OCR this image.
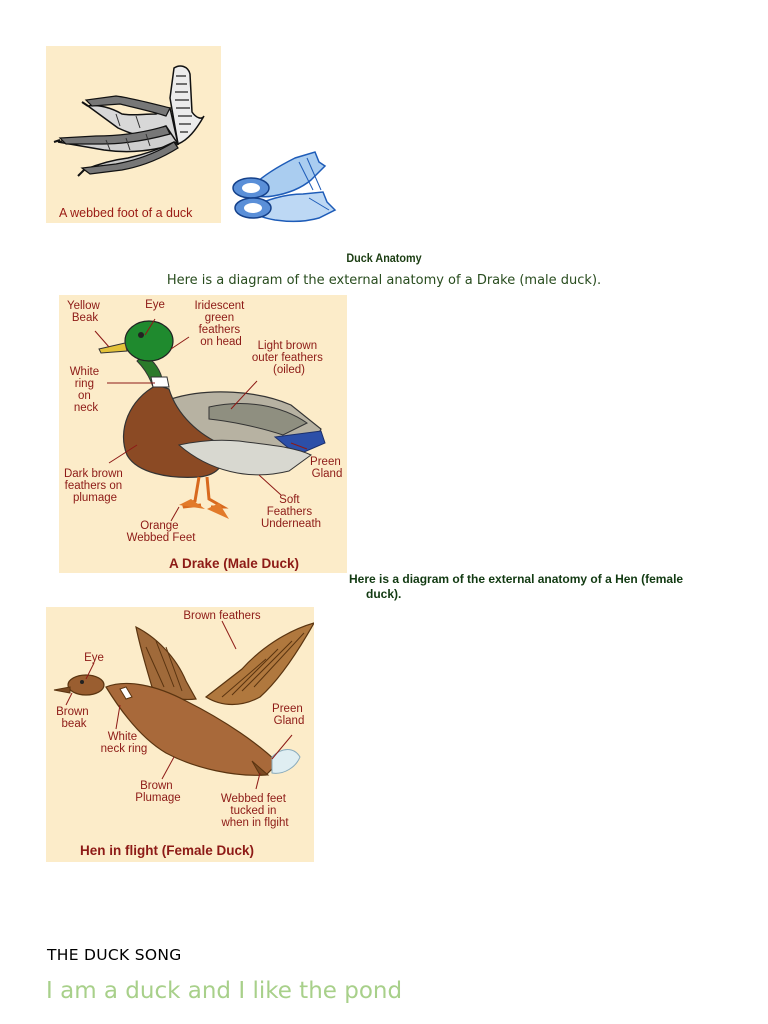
A webbed foot of a duck
Duck Anatomy
Here is a diagram of the external anatomy of a Drake (male duck).
Yellow Beak
Eye	Iridescent green feathers on head	Light brown outer feathers (oiled)
White ring on neck
Preen Gland
Dark brown feathers on plumage	Soft Feathers Underneath
Orange Webbed Feet
A Drake (Male Duck)
Here is a diagram of the external anatomy of a Hen (female
duck).
Brown feathers
Eye
Brown beak
White neck ring
Preen Gland
Brown Plumage	Webbed feet tucked in when in flgiht
Hen in flight (Female Duck)
THE DUCK SONG
I am a duck and I like the pond
